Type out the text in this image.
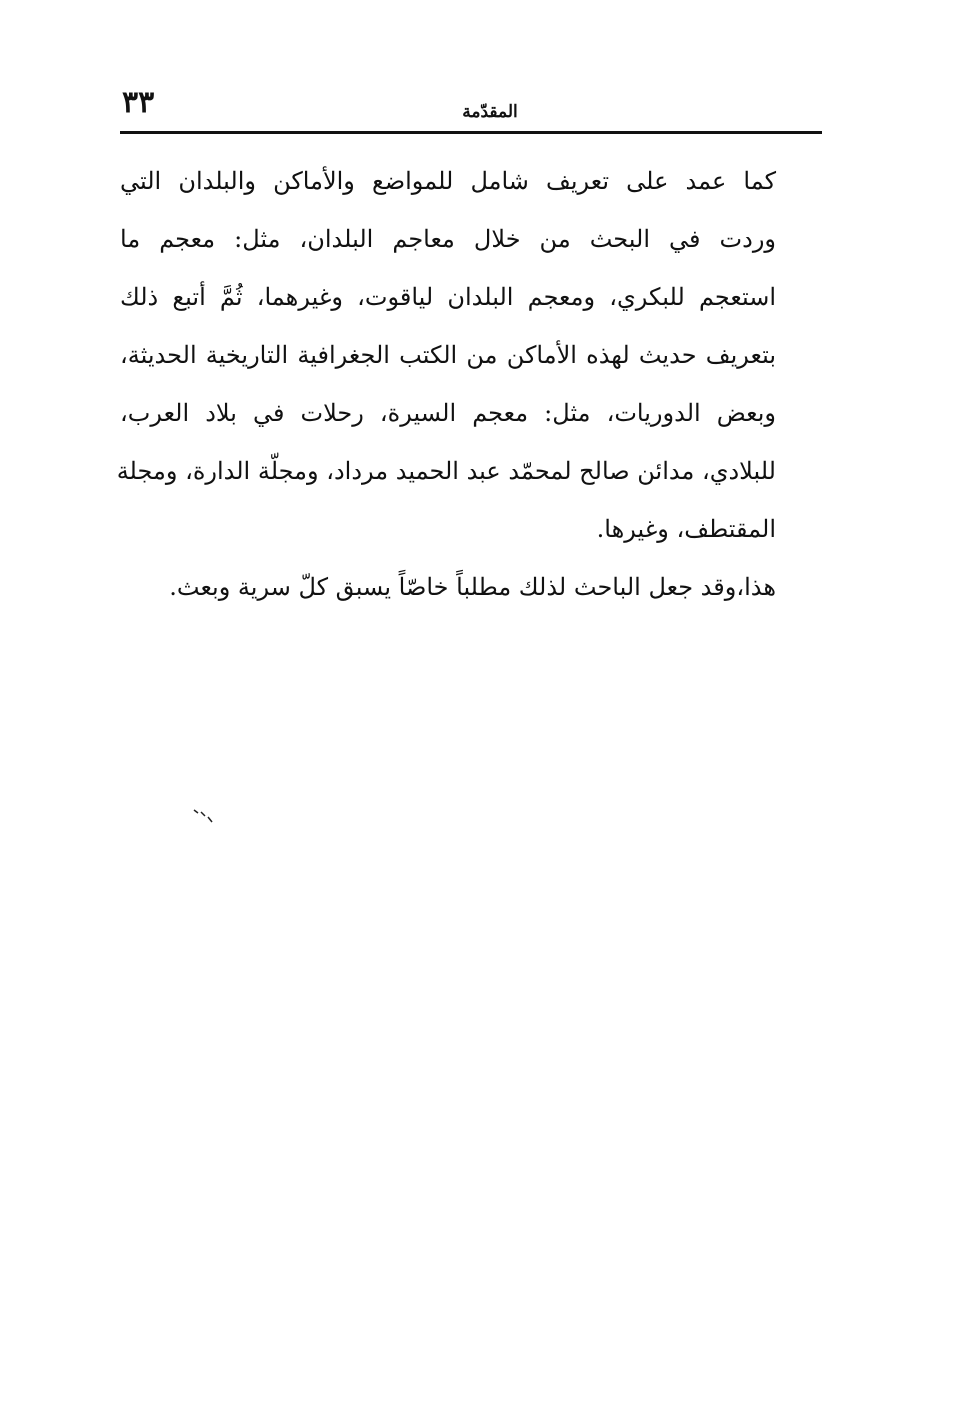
٣٣	المقدّمة
كما عمد على تعريف شامل للمواضع والأماكن والبلدان التي
وردت في البحث من خلال معاجم البلدان، مثل: معجم ما
استعجم للبكري، ومعجم البلدان لياقوت، وغيرهما، ثُمَّ أتبع ذلك
بتعريف حديث لهذه الأماكن من الكتب الجغرافية التاريخية الحديثة،
وبعض الدوريات، مثل: معجم السيرة، رحلات في بلاد العرب،
للبلادي، مدائن صالح لمحمّد عبد الحميد مرداد، ومجلّة الدارة، ومجلة
المقتطف، وغيرها.
هذا،وقد جعل الباحث لذلك مطلباً خاصّاً يسبق كلّ سرية وبعث.
